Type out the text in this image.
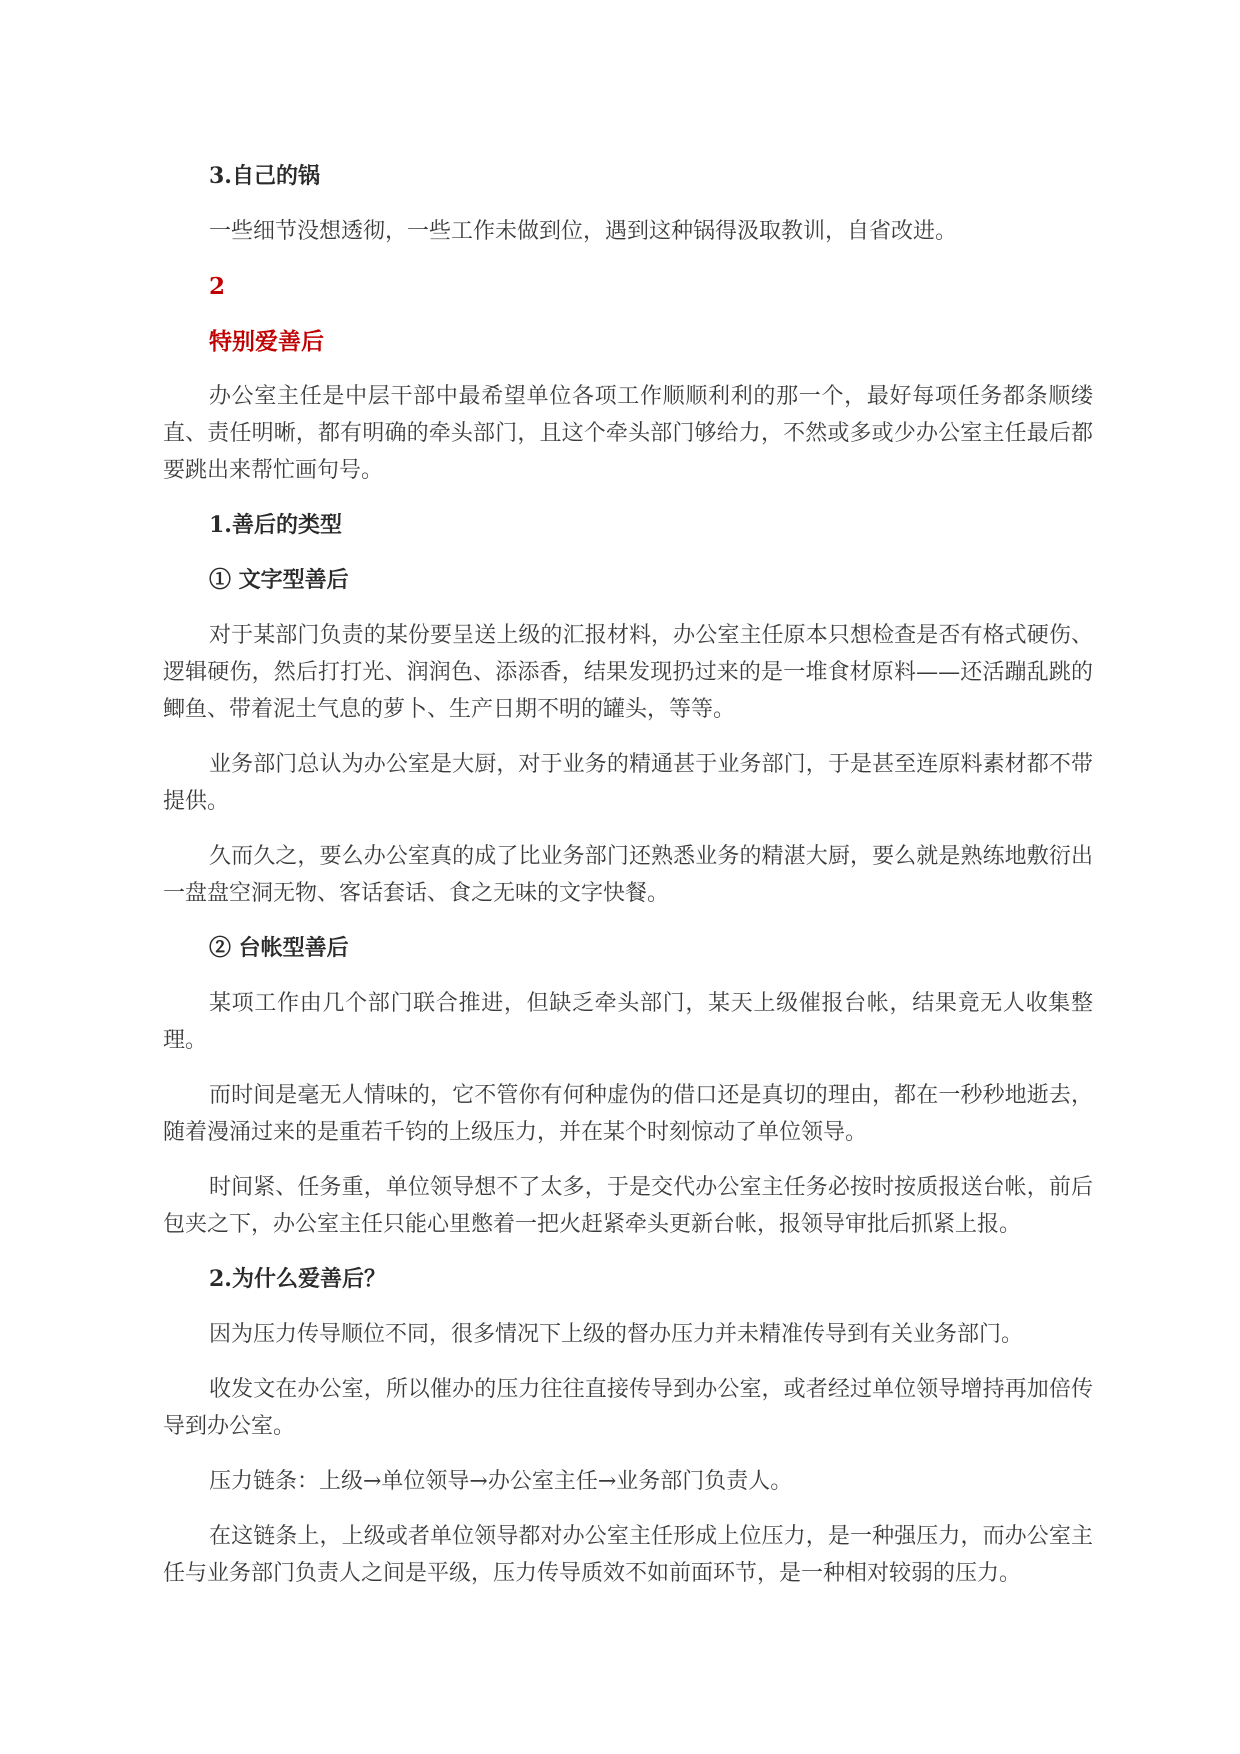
3.自己的锅
一些细节没想透彻，一些工作未做到位，遇到这种锅得汲取教训，自省改进。
2
特别爱善后
办公室主任是中层干部中最希望单位各项工作顺顺利利的那一个，最好每项任务都条顺缕直、责任明晰，都有明确的牵头部门，且这个牵头部门够给力，不然或多或少办公室主任最后都要跳出来帮忙画句号。
1.善后的类型
① 文字型善后
对于某部门负责的某份要呈送上级的汇报材料，办公室主任原本只想检查是否有格式硬伤、逻辑硬伤，然后打打光、润润色、添添香，结果发现扔过来的是一堆食材原料——还活蹦乱跳的鲫鱼、带着泥土气息的萝卜、生产日期不明的罐头，等等。
业务部门总认为办公室是大厨，对于业务的精通甚于业务部门，于是甚至连原料素材都不带提供。
久而久之，要么办公室真的成了比业务部门还熟悉业务的精湛大厨，要么就是熟练地敷衍出一盘盘空洞无物、客话套话、食之无味的文字快餐。
② 台帐型善后
某项工作由几个部门联合推进，但缺乏牵头部门，某天上级催报台帐，结果竟无人收集整理。
而时间是毫无人情味的，它不管你有何种虚伪的借口还是真切的理由，都在一秒秒地逝去，随着漫涌过来的是重若千钧的上级压力，并在某个时刻惊动了单位领导。
时间紧、任务重，单位领导想不了太多，于是交代办公室主任务必按时按质报送台帐，前后包夹之下，办公室主任只能心里憋着一把火赶紧牵头更新台帐，报领导审批后抓紧上报。
2.为什么爱善后？
因为压力传导顺位不同，很多情况下上级的督办压力并未精准传导到有关业务部门。
收发文在办公室，所以催办的压力往往直接传导到办公室，或者经过单位领导增持再加倍传导到办公室。
压力链条：上级→单位领导→办公室主任→业务部门负责人。
在这链条上，上级或者单位领导都对办公室主任形成上位压力，是一种强压力，而办公室主任与业务部门负责人之间是平级，压力传导质效不如前面环节，是一种相对较弱的压力。
